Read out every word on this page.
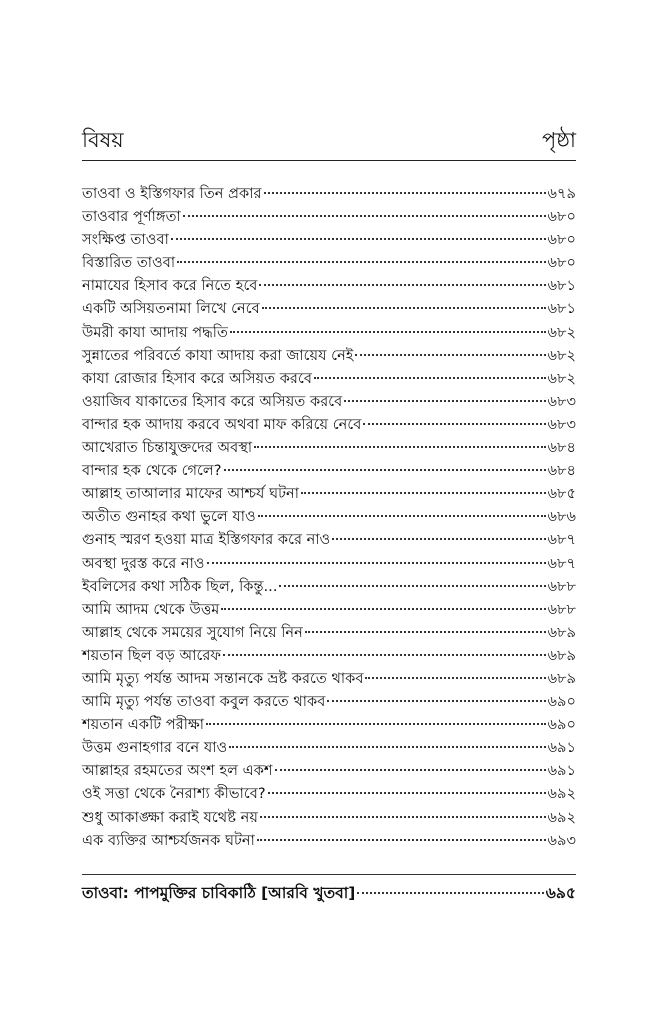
বিষয়	পৃষ্ঠা
তাওবা ও ইস্তিগফার তিন প্রকার	৬৭৯
তাওবার পূর্ণাঙ্গতা	৬৮০
সংক্ষিপ্ত তাওবা	৬৮০
বিস্তারিত তাওবা	৬৮০
নামাযের হিসাব করে নিতে হবে	৬৮১
একটি অসিয়তনামা লিখে নেবে	৬৮১
উমরী কাযা আদায় পদ্ধতি	৬৮২
সুন্নাতের পরিবর্তে কাযা আদায় করা জায়েয নেই	৬৮২
কাযা রোজার হিসাব করে অসিয়ত করবে	৬৮২
ওয়াজিব যাকাতের হিসাব করে অসিয়ত করবে	৬৮৩
বান্দার হক আদায় করবে অথবা মাফ করিয়ে নেবে	৬৮৩
আখেরাত চিন্তাযুক্তদের অবস্থা	৬৮৪
বান্দার হক থেকে গেলে?	৬৮৪
আল্লাহ তাআলার মাফের আশ্চর্য ঘটনা	৬৮৫
অতীত গুনাহর কথা ভুলে যাও	৬৮৬
গুনাহ স্মরণ হওয়া মাত্র ইস্তিগফার করে নাও	৬৮৭
অবস্থা দুরস্ত করে নাও	৬৮৭
ইবলিসের কথা সঠিক ছিল, কিন্তু...	৬৮৮
আমি আদম থেকে উত্তম	৬৮৮
আল্লাহ থেকে সময়ের সুযোগ নিয়ে নিন	৬৮৯
শয়তান ছিল বড় আরেফ	৬৮৯
আমি মৃত্যু পর্যন্ত আদম সন্তানকে ভ্রষ্ট করতে থাকব	৬৮৯
আমি মৃত্যু পর্যন্ত তাওবা কবুল করতে থাকব	৬৯০
শয়তান একটি পরীক্ষা	৬৯০
উত্তম গুনাহগার বনে যাও	৬৯১
আল্লাহর রহমতের অংশ হল একশ	৬৯১
ওই সত্তা থেকে নৈরাশ্য কীভাবে?	৬৯২
শুধু আকাঙ্ক্ষা করাই যথেষ্ট নয়	৬৯২
এক ব্যক্তির আশ্চর্যজনক ঘটনা	৬৯৩
তাওবা: পাপমুক্তির চাবিকাঠি [আরবি খুতবা]	৬৯৫
